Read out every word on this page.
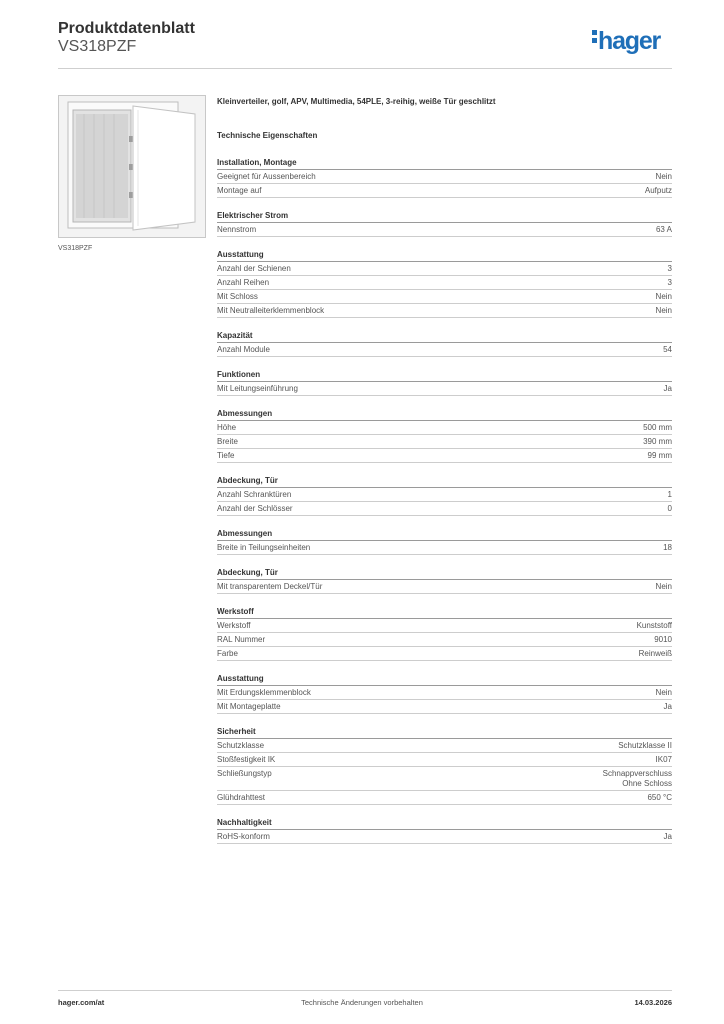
Produktdatenblatt
VS318PZF	hager
VS318PZF
Kleinverteiler, golf, APV, Multimedia, 54PLE, 3-reihig, weiße Tür geschlitzt
Technische Eigenschaften
Installation, Montage
Geeignet für Aussenbereich	Nein
Montage auf	Aufputz
Elektrischer Strom
Nennstrom	63 A
Ausstattung
Anzahl der Schienen	3
Anzahl Reihen	3
Mit Schloss	Nein
Mit Neutralleiterklemmenblock	Nein
Kapazität
Anzahl Module	54
Funktionen
Mit Leitungseinführung	Ja
Abmessungen
Höhe	500 mm
Breite	390 mm
Tiefe	99 mm
Abdeckung, Tür
Anzahl Schranktüren	1
Anzahl der Schlösser	0
Abmessungen
Breite in Teilungseinheiten	18
Abdeckung, Tür
Mit transparentem Deckel/Tür	Nein
Werkstoff
Werkstoff	Kunststoff
RAL Nummer	9010
Farbe	Reinweiß
Ausstattung
Mit Erdungsklemmenblock	Nein
Mit Montageplatte	Ja
Sicherheit
Schutzklasse	Schutzklasse II
Stoßfestigkeit IK	IK07
Schließungstyp	Schnappverschluss
Ohne Schloss
Glühdrahttest	650 °C
Nachhaltigkeit
RoHS-konform	Ja
hager.com/at	Technische Änderungen vorbehalten	14.03.2026
